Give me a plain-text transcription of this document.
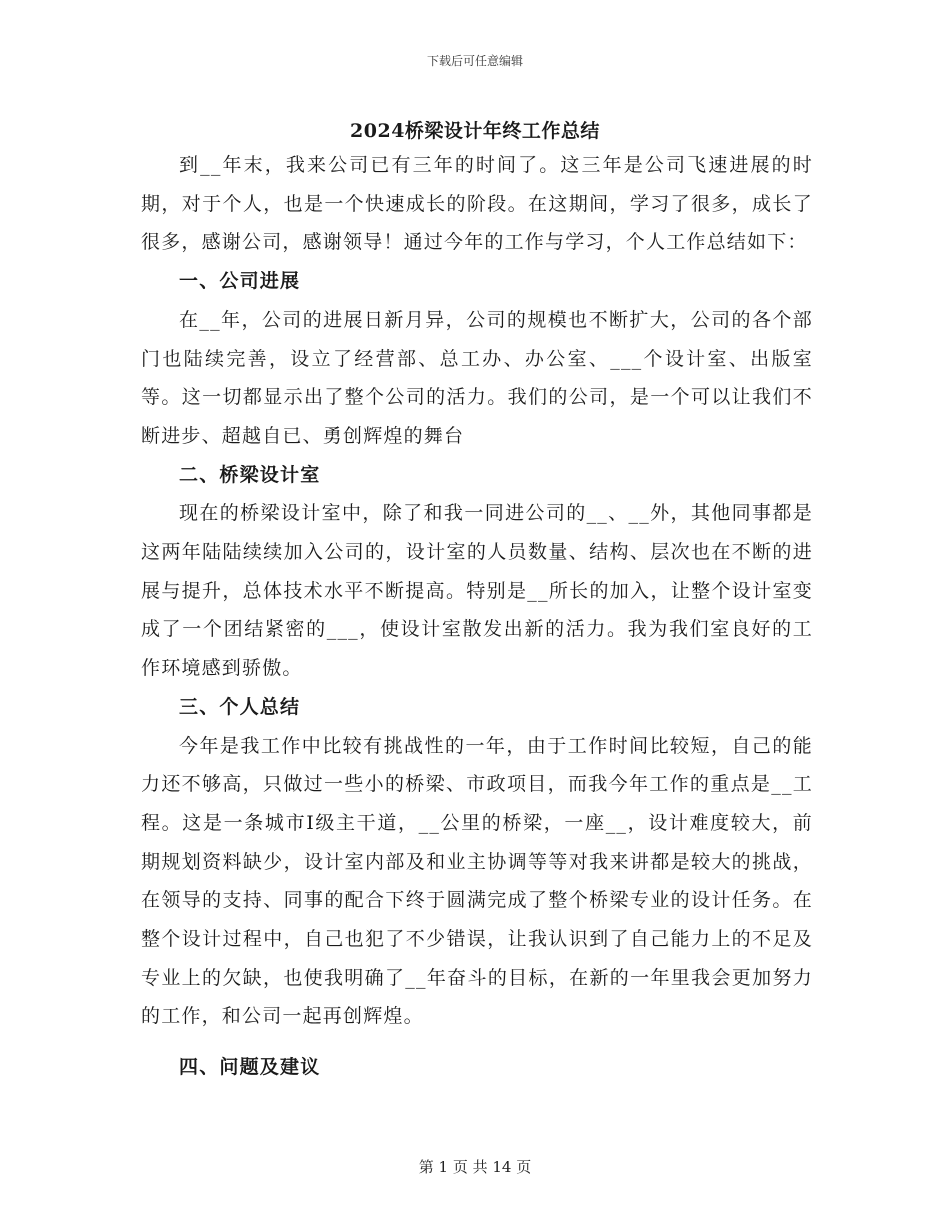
下载后可任意编辑
2024桥梁设计年终工作总结

到__年末，我来公司已有三年的时间了。这三年是公司飞速进展的时期，对于个人，也是一个快速成长的阶段。在这期间，学习了很多，成长了很多，感谢公司，感谢领导！通过今年的工作与学习，个人工作总结如下：

一、公司进展

在__年，公司的进展日新月异，公司的规模也不断扩大，公司的各个部门也陆续完善，设立了经营部、总工办、办公室、___个设计室、出版室等。这一切都显示出了整个公司的活力。我们的公司，是一个可以让我们不断进步、超越自已、勇创辉煌的舞台

二、桥梁设计室

现在的桥梁设计室中，除了和我一同进公司的__、__外，其他同事都是这两年陆陆续续加入公司的，设计室的人员数量、结构、层次也在不断的进展与提升，总体技术水平不断提高。特别是__所长的加入，让整个设计室变成了一个团结紧密的___，使设计室散发出新的活力。我为我们室良好的工作环境感到骄傲。

三、个人总结

今年是我工作中比较有挑战性的一年，由于工作时间比较短，自己的能力还不够高，只做过一些小的桥梁、市政项目，而我今年工作的重点是__工程。这是一条城市Ⅰ级主干道，__公里的桥梁，一座__，设计难度较大，前期规划资料缺少，设计室内部及和业主协调等等对我来讲都是较大的挑战，在领导的支持、同事的配合下终于圆满完成了整个桥梁专业的设计任务。在整个设计过程中，自己也犯了不少错误，让我认识到了自己能力上的不足及专业上的欠缺，也使我明确了__年奋斗的目标，在新的一年里我会更加努力的工作，和公司一起再创辉煌。

四、问题及建议
第 1 页 共 14 页
